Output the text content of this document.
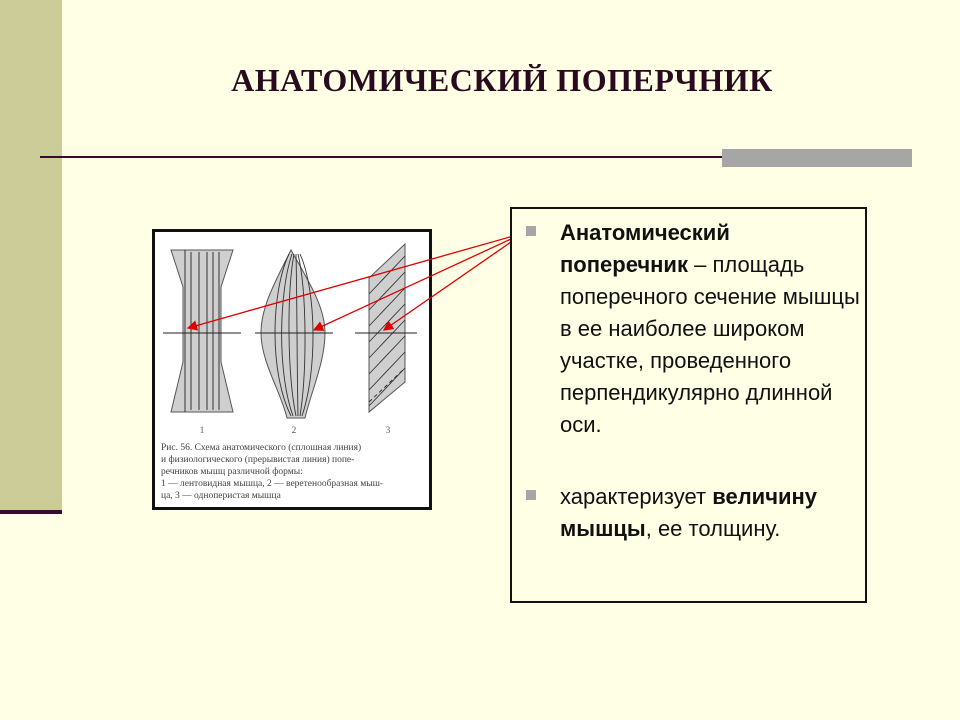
АНАТОМИЧЕСКИЙ ПОПЕРЧНИК
1	2	3
Рис. 56. Схема анатомического (сплошная линия)
и физиологического (прерывистая линия) попе-
речников мышц различной формы:
1 — лентовидная мышца, 2 — веретенообразная мыш-
ца, 3 — одноперистая мышца
Анатомический поперечник – площадь поперечного сечение мышцы в ее наиболее широком участке, проведенного перпендикулярно длинной оси.
характеризует величину мышцы, ее толщину.
